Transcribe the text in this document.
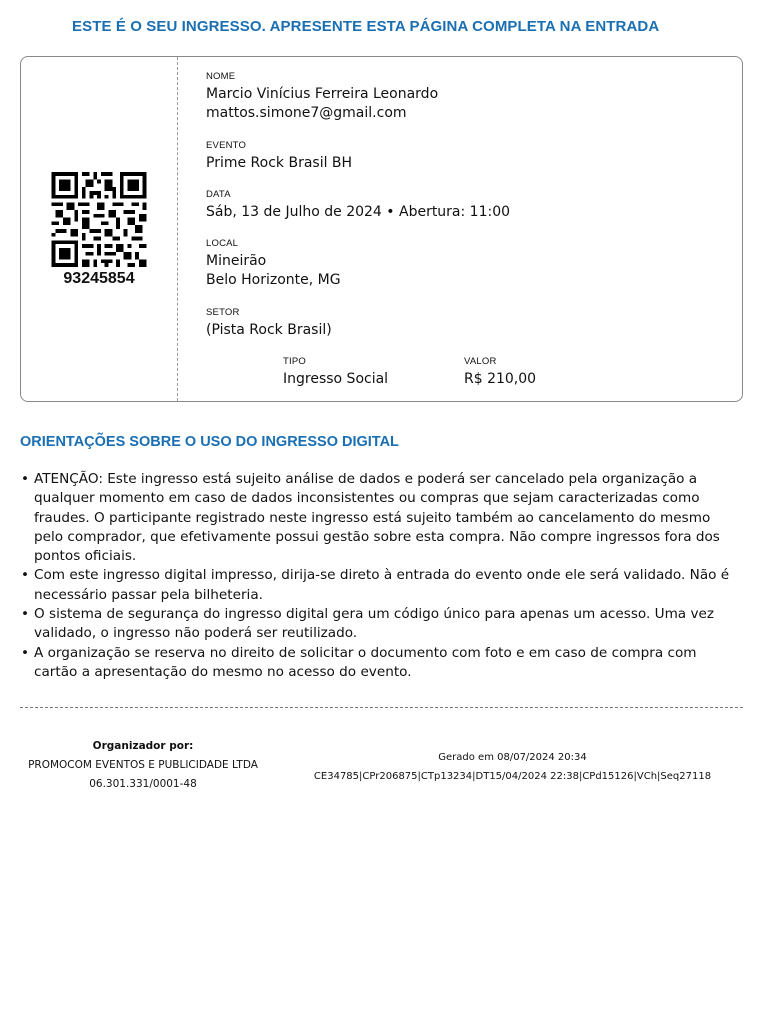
ESTE É O SEU INGRESSO. APRESENTE ESTA PÁGINA COMPLETA NA ENTRADA
93245854
NOME
Marcio Vinícius Ferreira Leonardo
mattos.simone7@gmail.com
EVENTO
Prime Rock Brasil BH
DATA
Sáb, 13 de Julho de 2024 • Abertura: 11:00
LOCAL
Mineirão
Belo Horizonte, MG
SETOR
(Pista Rock Brasil)
TIPO
Ingresso Social
VALOR
R$ 210,00
ORIENTAÇÕES SOBRE O USO DO INGRESSO DIGITAL
• ATENÇÃO: Este ingresso está sujeito análise de dados e poderá ser cancelado pela organização a qualquer momento em caso de dados inconsistentes ou compras que sejam caracterizadas como fraudes. O participante registrado neste ingresso está sujeito também ao cancelamento do mesmo pelo comprador, que efetivamente possui gestão sobre esta compra. Não compre ingressos fora dos pontos oficiais.
• Com este ingresso digital impresso, dirija-se direto à entrada do evento onde ele será validado. Não é necessário passar pela bilheteria.
• O sistema de segurança do ingresso digital gera um código único para apenas um acesso. Uma vez validado, o ingresso não poderá ser reutilizado.
• A organização se reserva no direito de solicitar o documento com foto e em caso de compra com cartão a apresentação do mesmo no acesso do evento.
Organizador por:
PROMOCOM EVENTOS E PUBLICIDADE LTDA
06.301.331/0001-48
Gerado em 08/07/2024 20:34
CE34785|CPr206875|CTp13234|DT15/04/2024 22:38|CPd15126|VCh|Seq27118
